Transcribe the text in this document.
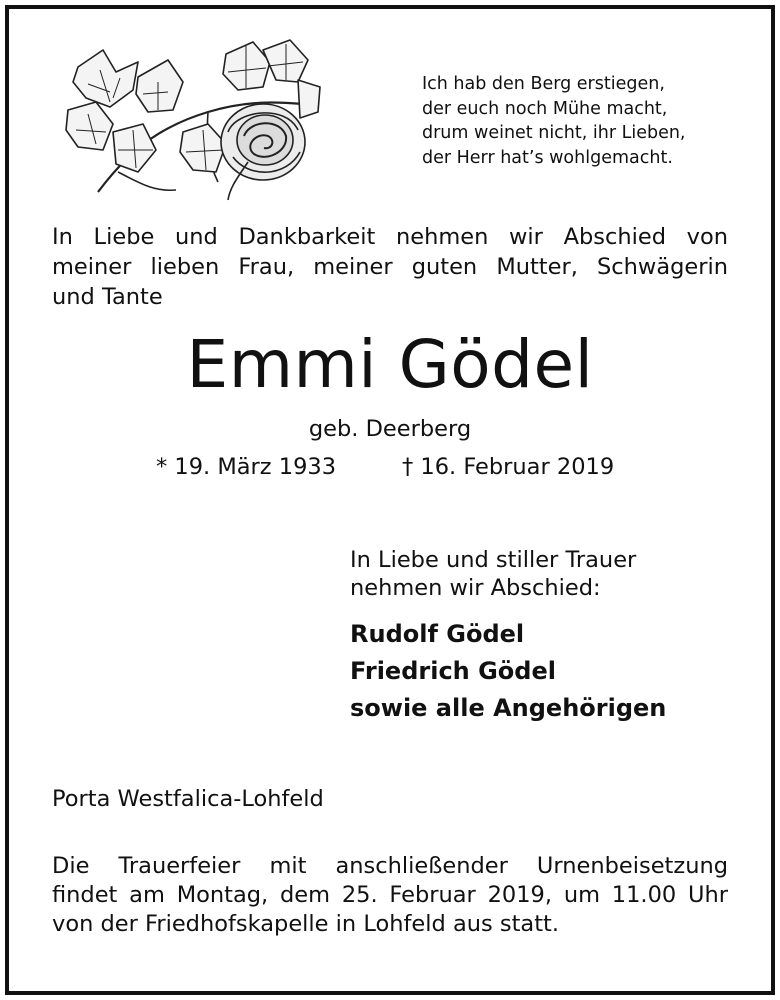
Ich hab den Berg erstiegen,
der euch noch Mühe macht,
drum weinet nicht, ihr Lieben,
der Herr hat’s wohlgemacht.
In Liebe und Dankbarkeit nehmen wir Abschied von
meiner lieben Frau, meiner guten Mutter, Schwägerin
und Tante
Emmi Gödel
geb. Deerberg
* 19. März 1933	† 16. Februar 2019
In Liebe und stiller Trauer
nehmen wir Abschied:
Rudolf Gödel
Friedrich Gödel
sowie alle Angehörigen
Porta Westfalica-Lohfeld
Die Trauerfeier mit anschließender Urnenbeisetzung
findet am Montag, dem 25. Februar 2019, um 11.00 Uhr
von der Friedhofskapelle in Lohfeld aus statt.
